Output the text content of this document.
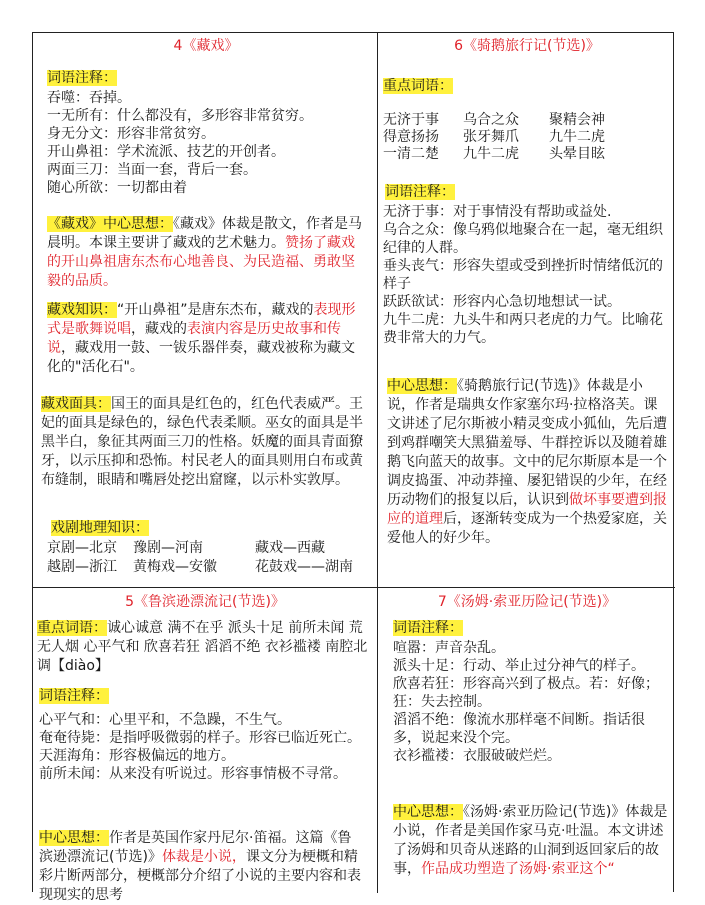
4《藏戏》
词语注释：
吞噬：吞掉。
一无所有：什么都没有，多形容非常贫穷。
身无分文：形容非常贫穷。
开山鼻祖：学术流派、技艺的开创者。
两面三刀：当面一套，背后一套。
随心所欲：一切都由着
《藏戏》中心思想：《藏戏》体裁是散文，作者是马晨明。本课主要讲了藏戏的艺术魅力。赞扬了藏戏的开山鼻祖唐东杰布心地善良、为民造福、勇敢坚毅的品质。
藏戏知识：“开山鼻祖”是唐东杰布，藏戏的表现形式是歌舞说唱，藏戏的表演内容是历史故事和传说，藏戏用一鼓、一钹乐器伴奏，藏戏被称为藏文化的"活化石"。
藏戏面具：国王的面具是红色的，红色代表威严。王妃的面具是绿色的，绿色代表柔顺。巫女的面具是半黑半白，象征其两面三刀的性格。妖魔的面具青面獠牙，以示压抑和恐怖。村民老人的面具则用白布或黄布缝制，眼睛和嘴唇处挖出窟窿，以示朴实敦厚。
戏剧地理知识：
京剧—北京 豫剧—河南	藏戏—西藏
越剧—浙江 黄梅戏—安徽	花鼓戏——湖南
6《骑鹅旅行记(节选)》
重点词语：
无济于事 乌合之众 聚精会神
得意扬扬 张牙舞爪 九牛二虎
一清二楚 九牛二虎 头晕目眩
词语注释：
无济于事：对于事情没有帮助或益处.
乌合之众：像乌鸦似地聚合在一起，毫无组织纪律的人群。
垂头丧气：形容失望或受到挫折时情绪低沉的样子
跃跃欲试：形容内心急切地想试一试。
九牛二虎：九头牛和两只老虎的力气。比喻花费非常大的力气。
中心思想：《骑鹅旅行记(节选)》体裁是小说，作者是瑞典女作家塞尔玛·拉格洛芙。课文讲述了尼尔斯被小精灵变成小狐仙，先后遭到鸡群嘲笑大黑猫羞辱、牛群控诉以及随着雄鹅飞向蓝天的故事。文中的尼尔斯原本是一个调皮捣蛋、冲动莽撞、屡犯错误的少年，在经历动物们的报复以后，认识到做坏事要遭到报应的道理后，逐渐转变成为一个热爱家庭，关爱他人的好少年。
5《鲁滨逊漂流记(节选)》
重点词语：诚心诚意 满不在乎 派头十足 前所未闻 荒无人烟 心平气和 欣喜若狂 滔滔不绝 衣衫褴褛 南腔北调【diào】
词语注释：
心平气和：心里平和，不急躁，不生气。
奄奄待毙：是指呼吸微弱的样子。形容已临近死亡。
天涯海角：形容极偏远的地方。
前所未闻：从来没有听说过。形容事情极不寻常。
中心思想：作者是英国作家丹尼尔·笛福。这篇《鲁滨逊漂流记(节选)》体裁是小说，课文分为梗概和精彩片断两部分，梗概部分介绍了小说的主要内容和表现现实的思考
7《汤姆·索亚历险记(节选)》
词语注释：
喧嚣：声音杂乱。
派头十足：行动、举止过分神气的样子。
欣喜若狂：形容高兴到了极点。若：好像；狂：失去控制。
滔滔不绝：像流水那样毫不间断。指话很多，说起来没个完。
衣衫褴褛：衣服破破烂烂。
中心思想：《汤姆·索亚历险记(节选)》体裁是小说，作者是美国作家马克·吐温。本文讲述了汤姆和贝奇从迷路的山洞到返回家后的故事，作品成功塑造了汤姆·索亚这个“
